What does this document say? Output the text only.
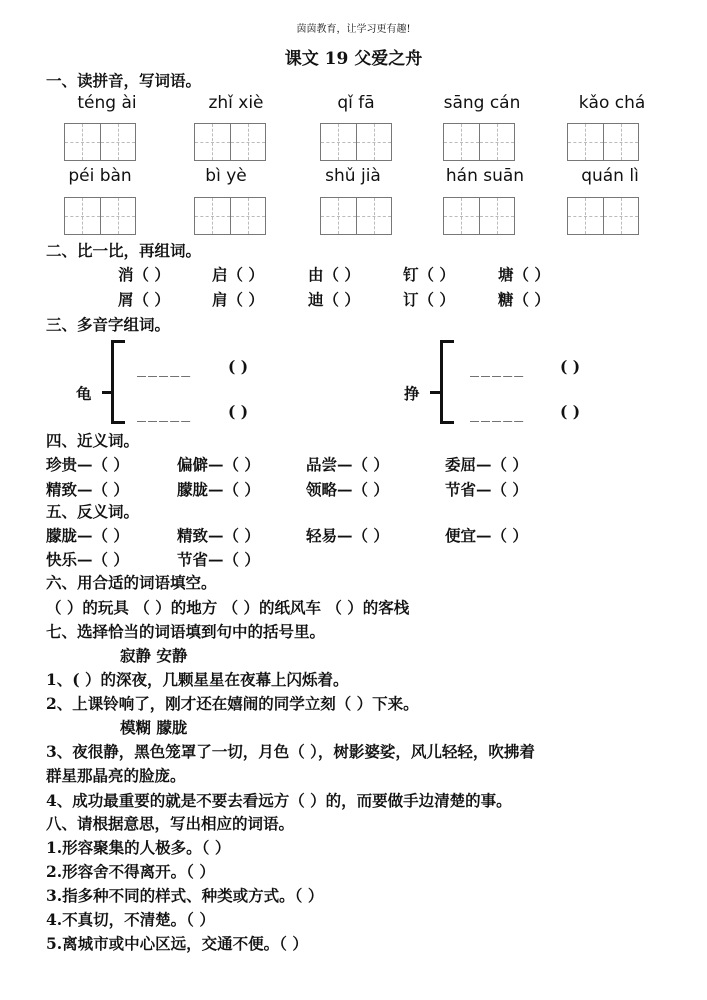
茵茵教育，让学习更有趣!
课文 19 父爱之舟
一、读拼音，写词语。
téng ài	zhǐ xiè	qǐ fā	sāng cán	kǎo chá
péi bàn	bì yè	shǔ jià	hán suān	quán lì
二、比一比，再组词。
消（ ）	启（ ）	由（ ）	钉（ ）	塘（ ）
屑（ ）	肩（ ）	迪（ ）	订（ ）	糖（ ）
三、多音字组词。
龟
_____ ( )
_____ ( )
挣
_____ ( )
_____ ( )
四、近义词。
珍贵—（ ）	偏僻—（ ）	品尝—（ ）	委屈—（ ）
精致—（ ）	朦胧—（ ）	领略—（ ）	节省—（ ）
五、反义词。
朦胧—（ ）	精致—（ ）	轻易—（ ）	便宜—（ ）
快乐—（ ）	节省—（ ）
六、用合适的词语填空。
（ ）的玩具 （ ）的地方 （ ）的纸风车 （ ）的客栈
七、选择恰当的词语填到句中的括号里。
寂静 安静
1、( ）的深夜，几颗星星在夜幕上闪烁着。
2、上课铃响了，刚才还在嬉闹的同学立刻（ ）下来。
模糊 朦胧
3、夜很静，黑色笼罩了一切，月色（ ），树影婆娑，风儿轻轻，吹拂着
群星那晶亮的脸庞。
4、成功最重要的就是不要去看远方（ ）的，而要做手边清楚的事。
八、请根据意思，写出相应的词语。
1.形容聚集的人极多。（ ）
2.形容舍不得离开。（ ）
3.指多种不同的样式、种类或方式。（ ）
4.不真切，不清楚。（ ）
5.离城市或中心区远，交通不便。（ ）
